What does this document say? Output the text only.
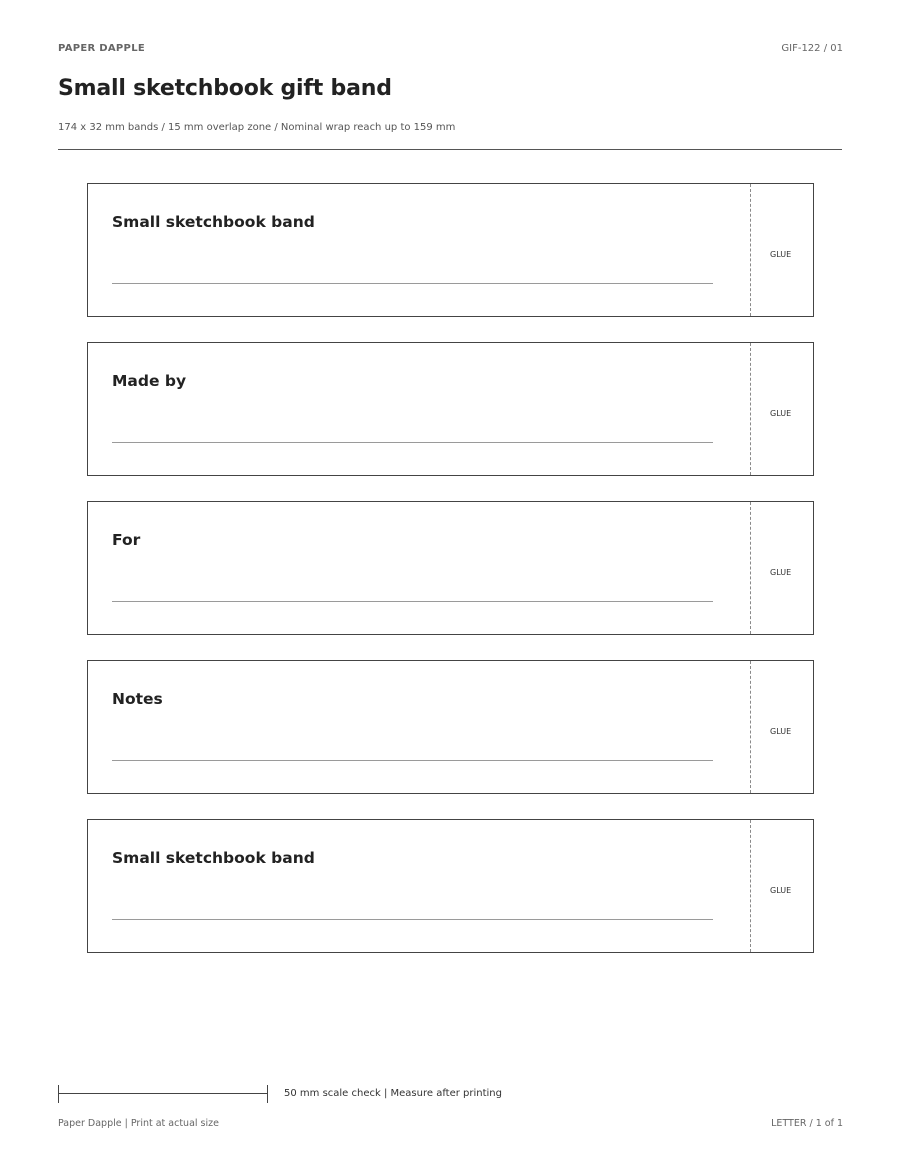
PAPER DAPPLE	GIF-122 / 01
Small sketchbook gift band
174 x 32 mm bands / 15 mm overlap zone / Nominal wrap reach up to 159 mm
Small sketchbook band
GLUE
Made by
GLUE
For
GLUE
Notes
GLUE
Small sketchbook band
GLUE
50 mm scale check | Measure after printing
Paper Dapple | Print at actual size	LETTER / 1 of 1
